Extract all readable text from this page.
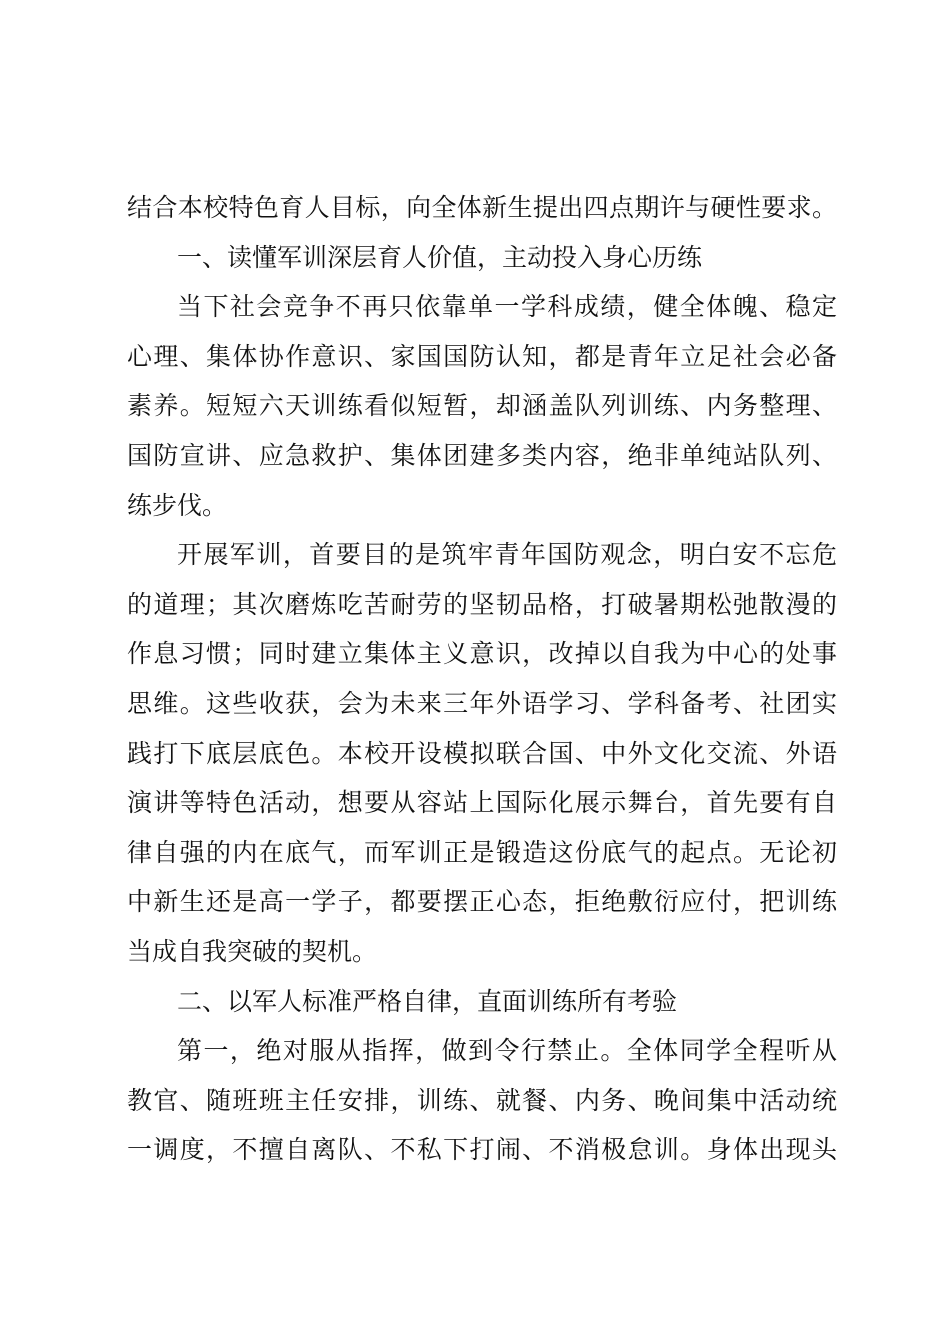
结合本校特色育人目标，向全体新生提出四点期许与硬性要求。
一、读懂军训深层育人价值，主动投入身心历练
当下社会竞争不再只依靠单一学科成绩，健全体魄、稳定
心理、集体协作意识、家国国防认知，都是青年立足社会必备
素养。短短六天训练看似短暂，却涵盖队列训练、内务整理、
国防宣讲、应急救护、集体团建多类内容，绝非单纯站队列、
练步伐。
开展军训，首要目的是筑牢青年国防观念，明白安不忘危
的道理；其次磨炼吃苦耐劳的坚韧品格，打破暑期松弛散漫的
作息习惯；同时建立集体主义意识，改掉以自我为中心的处事
思维。这些收获，会为未来三年外语学习、学科备考、社团实
践打下底层底色。本校开设模拟联合国、中外文化交流、外语
演讲等特色活动，想要从容站上国际化展示舞台，首先要有自
律自强的内在底气，而军训正是锻造这份底气的起点。无论初
中新生还是高一学子，都要摆正心态，拒绝敷衍应付，把训练
当成自我突破的契机。
二、以军人标准严格自律，直面训练所有考验
第一，绝对服从指挥，做到令行禁止。全体同学全程听从
教官、随班班主任安排，训练、就餐、内务、晚间集中活动统
一调度，不擅自离队、不私下打闹、不消极怠训。身体出现头
